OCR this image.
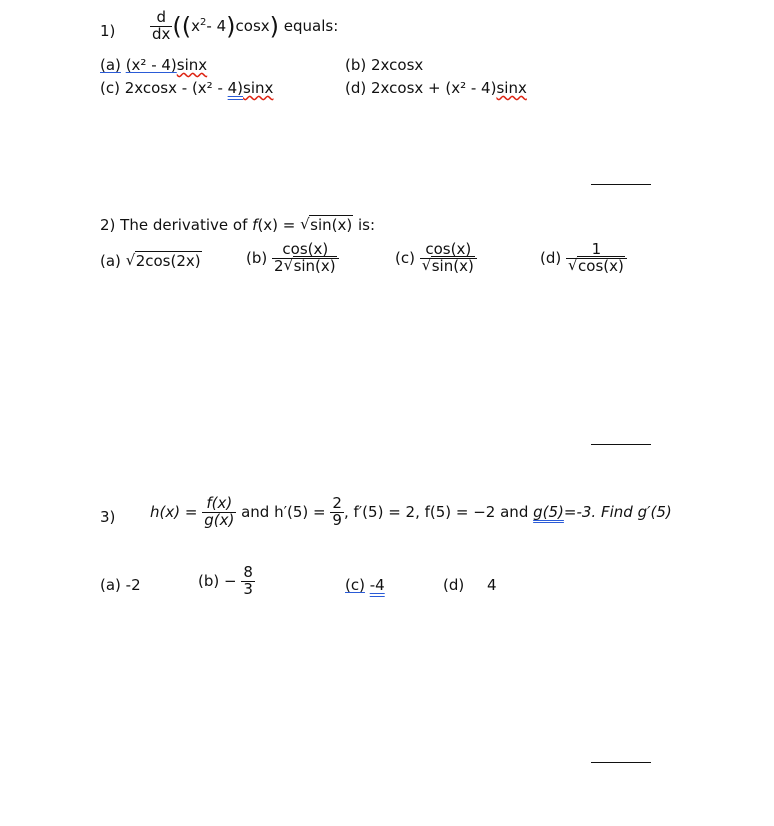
$1) \frac{d}{dx} ((x^2-$ 4)cosx) equals:
(a) (x² - 4)sinx	(b) 2xcosx
(c) 2xcosx - (x² - 4)sinx	(d) 2xcosx + (x² - 4)sinx
2) The derivative of f(x) = √ sin(x) is:
(a) √ 2cos(2x)	$(b) \frac{\cos(x)}{2 √ \sin(x)}$	$(c) \frac{\cos(x)}{√ \sin(x)}$	$(d) \frac{1}{√ \cos(x)}$
3) $h(x) = \frac{f(x)}{g(x)}$ and $h'(5) = \frac{2}{9}$ , f′(5) = 2, f(5) = −2 and g(5)=-3. Find g′(5)
(a) -2	$(b) - \frac{8}{3}$	(c) -4	(d) 4
